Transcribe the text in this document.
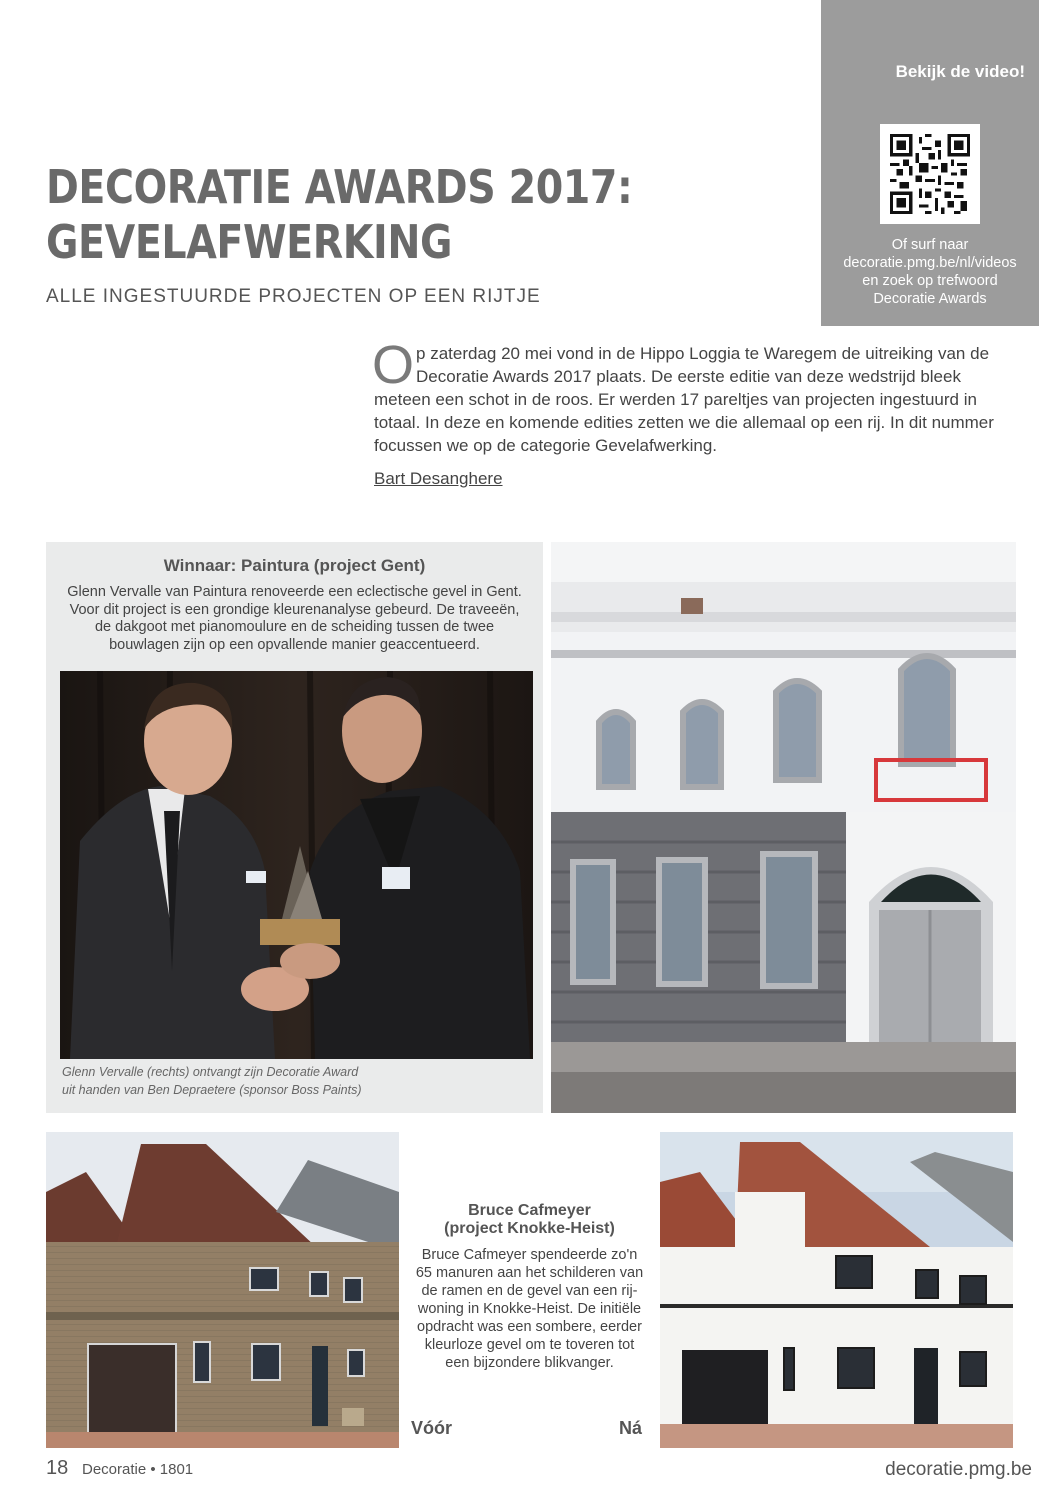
Bekijk de video!
Of surf naar
decoratie.pmg.be/nl/videos
en zoek op trefwoord
Decoratie Awards
DECORATIE AWARDS 2017:
GEVELAFWERKING
ALLE INGESTUURDE PROJECTEN OP EEN RIJTJE
O p zaterdag 20 mei vond in de Hippo Loggia te Waregem de uitreiking van de Decoratie Awards 2017 plaats. De eerste editie van deze wedstrijd bleek meteen een schot in de roos. Er werden 17 pareltjes van projecten ingestuurd in totaal. In deze en komende edities zetten we die allemaal op een rij. In dit nummer focussen we op de categorie Gevelafwerking.
Bart Desanghere
Winnaar: Paintura (project Gent)
Glenn Vervalle van Paintura renoveerde een eclectische gevel in Gent.
Voor dit project is een grondige kleurenanalyse gebeurd. De traveeën,
de dakgoot met pianomoulure en de scheiding tussen de twee
bouwlagen zijn op een opvallende manier geaccentueerd.
Glenn Vervalle (rechts) ontvangt zijn Decoratie Award
uit handen van Ben Depraetere (sponsor Boss Paints)
Bruce Cafmeyer
(project Knokke-Heist)
Bruce Cafmeyer spendeerde zo'n
65 manuren aan het schilderen van
de ramen en de gevel van een rij-
woning in Knokke-Heist. De initiële
opdracht was een sombere, eerder
kleurloze gevel om te toveren tot
een bijzondere blikvanger.
Vóór	Ná
18 Decoratie • 1801	decoratie.pmg.be
